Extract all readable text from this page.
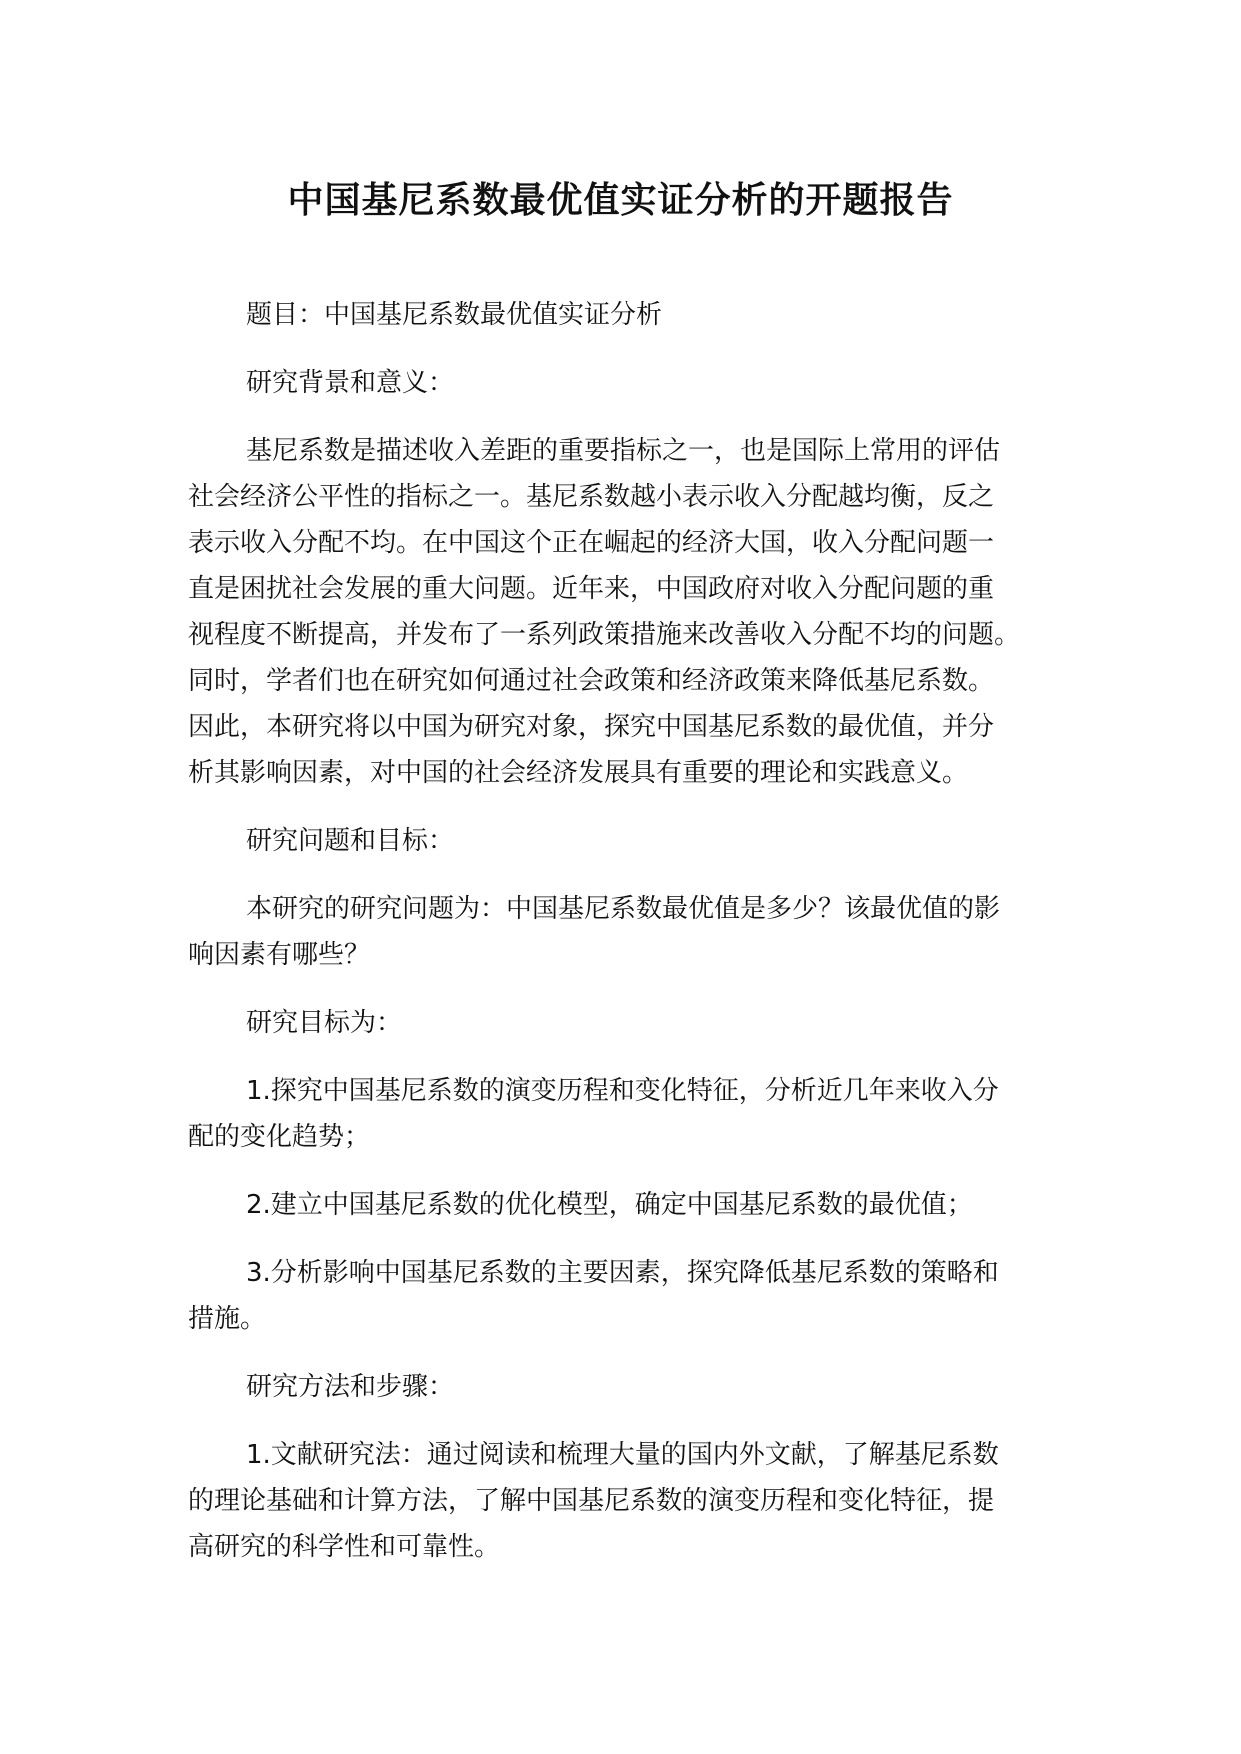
中国基尼系数最优值实证分析的开题报告

题目：中国基尼系数最优值实证分析

研究背景和意义：

基尼系数是描述收入差距的重要指标之一，也是国际上常用的评估
社会经济公平性的指标之一。基尼系数越小表示收入分配越均衡，反之
表示收入分配不均。在中国这个正在崛起的经济大国，收入分配问题一
直是困扰社会发展的重大问题。近年来，中国政府对收入分配问题的重
视程度不断提高，并发布了一系列政策措施来改善收入分配不均的问题。
同时，学者们也在研究如何通过社会政策和经济政策来降低基尼系数。
因此，本研究将以中国为研究对象，探究中国基尼系数的最优值，并分
析其影响因素，对中国的社会经济发展具有重要的理论和实践意义。

研究问题和目标：

本研究的研究问题为：中国基尼系数最优值是多少？该最优值的影
响因素有哪些？

研究目标为：

1.探究中国基尼系数的演变历程和变化特征，分析近几年来收入分
配的变化趋势；

2.建立中国基尼系数的优化模型，确定中国基尼系数的最优值；

3.分析影响中国基尼系数的主要因素，探究降低基尼系数的策略和
措施。

研究方法和步骤：

1.文献研究法：通过阅读和梳理大量的国内外文献，了解基尼系数
的理论基础和计算方法，了解中国基尼系数的演变历程和变化特征，提
高研究的科学性和可靠性。
